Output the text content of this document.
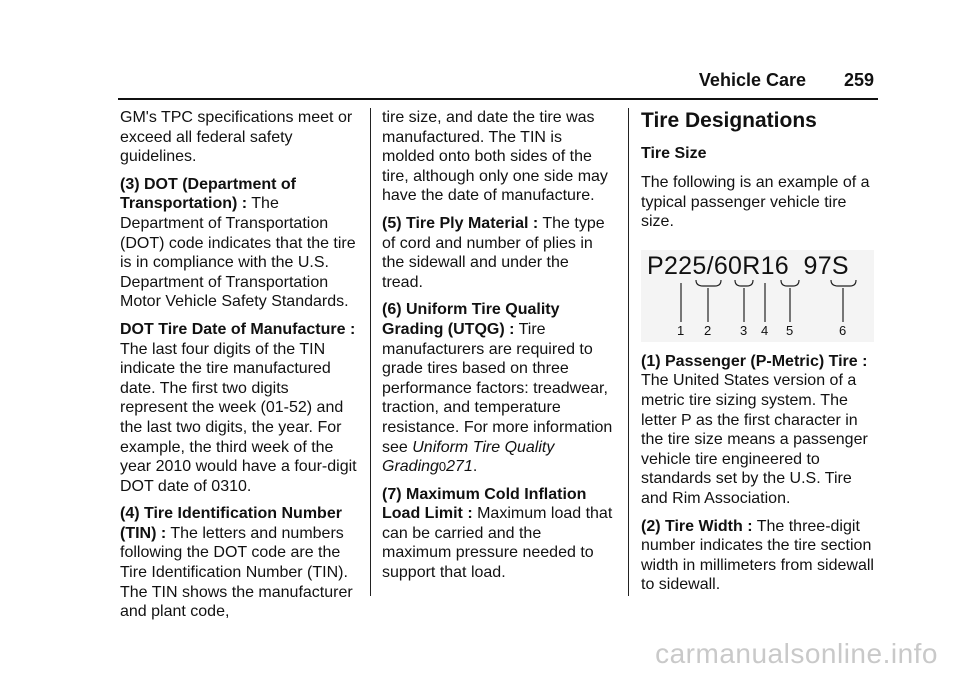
Vehicle Care 259

GM's TPC specifications meet or exceed all federal safety guidelines.

(3) DOT (Department of Transportation) : The Department of Transportation (DOT) code indicates that the tire is in compliance with the U.S. Department of Transportation Motor Vehicle Safety Standards.

DOT Tire Date of Manufacture : The last four digits of the TIN indicate the tire manufactured date. The first two digits represent the week (01-52) and the last two digits, the year. For example, the third week of the year 2010 would have a four-digit DOT date of 0310.

(4) Tire Identification Number (TIN) : The letters and numbers following the DOT code are the Tire Identification Number (TIN). The TIN shows the manufacturer and plant code,

tire size, and date the tire was manufactured. The TIN is molded onto both sides of the tire, although only one side may have the date of manufacture.

(5) Tire Ply Material : The type of cord and number of plies in the sidewall and under the tread.

(6) Uniform Tire Quality Grading (UTQG) : Tire manufacturers are required to grade tires based on three performance factors: treadwear, traction, and temperature resistance. For more information see Uniform Tire Quality Grading0271.

(7) Maximum Cold Inflation Load Limit : Maximum load that can be carried and the maximum pressure needed to support that load.

Tire Designations
Tire Size

The following is an example of a typical passenger vehicle tire size.

P225/60R16  97S
1 2 3 4 5	6

(1) Passenger (P-Metric) Tire : The United States version of a metric tire sizing system. The letter P as the first character in the tire size means a passenger vehicle tire engineered to standards set by the U.S. Tire and Rim Association.

(2) Tire Width : The three-digit number indicates the tire section width in millimeters from sidewall to sidewall.

carmanualsonline.info
